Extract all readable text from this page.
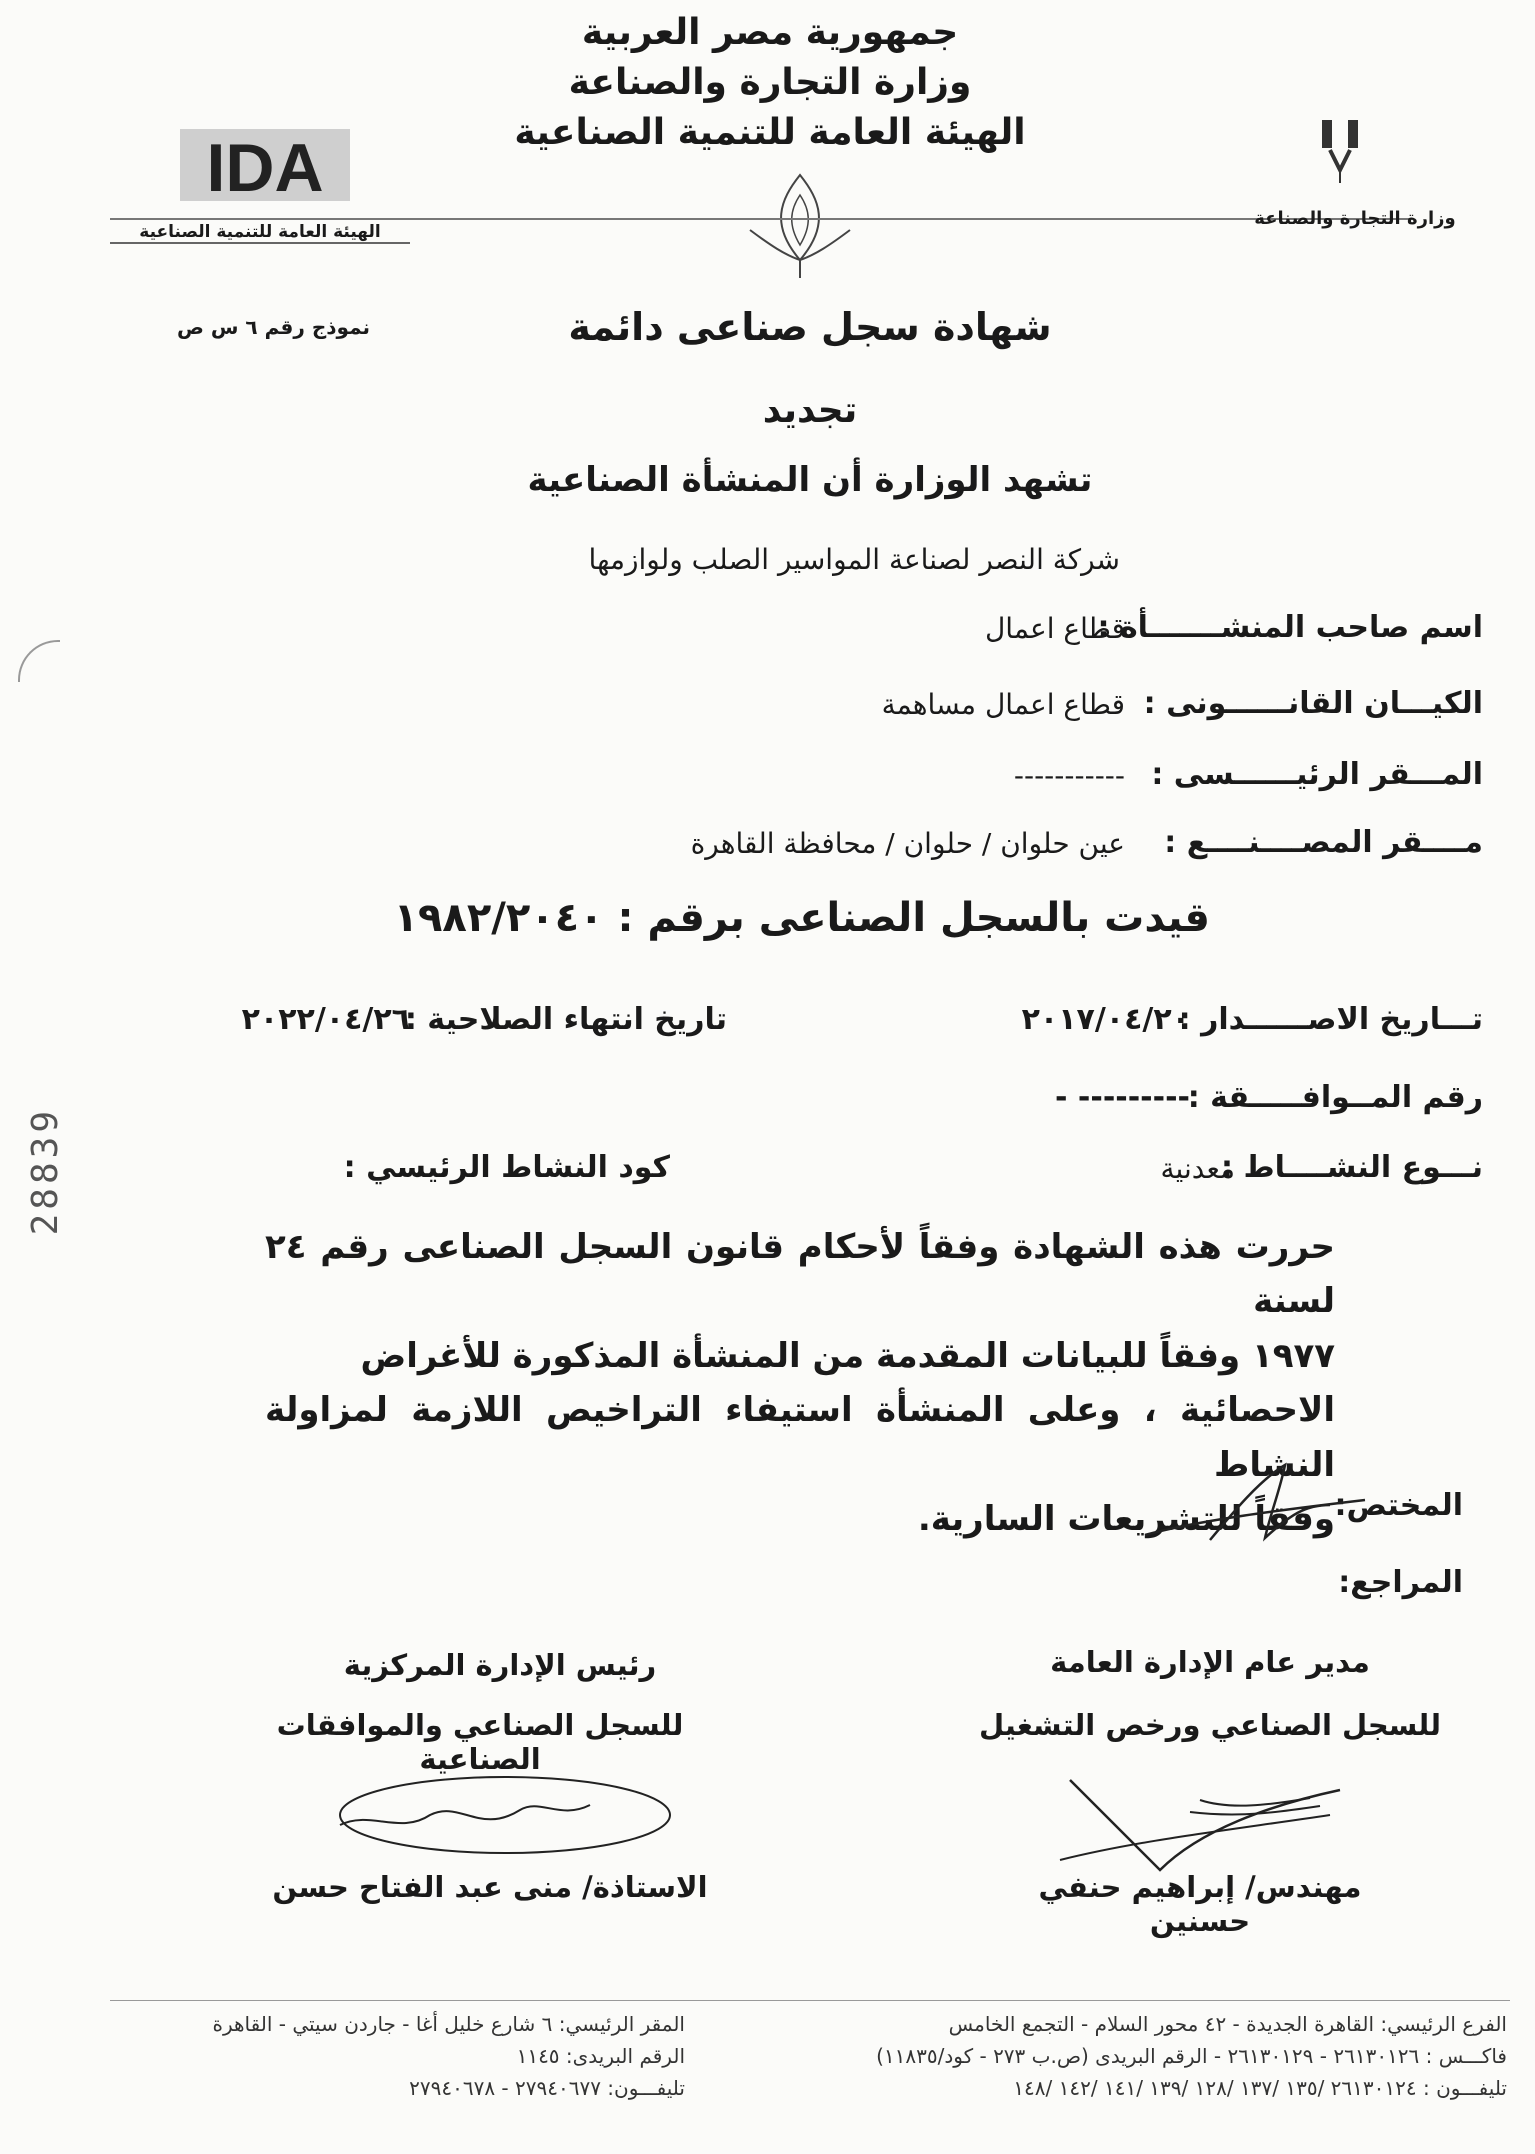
جمهورية مصر العربية
وزارة التجارة والصناعة
الهيئة العامة للتنمية الصناعية
وزارة التجارة والصناعة
IDA
الهيئة العامة للتنمية الصناعية
نموذج رقم ٦ س ص	شهادة سجل صناعى دائمة
تجديد
تشهد الوزارة أن المنشأة الصناعية
شركة النصر لصناعة المواسير الصلب ولوازمها
اسم صاحب المنشـــــــأة :
قطاع اعمال
الكيـــان القانــــــونى :
قطاع اعمال مساهمة
المـــقر الرئيــــــسى :
-----------
مــــقر المصــــنــــع :
عين حلوان / حلوان / محافظة القاهرة
قيدت بالسجل الصناعى برقم : ١٩٨٢/٢٠٤٠
تـــاريخ الاصــــــدار :
٢٠١٧/٠٤/٢٠
تاريخ انتهاء الصلاحية :
٢٠٢٢/٠٤/٢٦
رقم المــوافـــــقة :
--------- -
نـــوع النشــــاط :
معدنية
كود النشاط الرئيسي :
حررت هذه الشهادة وفقاً لأحكام قانون السجل الصناعى رقم ٢٤ لسنة
١٩٧٧ وفقاً للبيانات المقدمة من المنشأة المذكورة للأغراض
الاحصائية ، وعلى المنشأة استيفاء التراخيص اللازمة لمزاولة النشاط
وفقاً للتشريعات السارية. المختص:
المراجع:
مدير عام الإدارة العامة
للسجل الصناعي ورخص التشغيل
مهندس/ إبراهيم حنفي حسنين
رئيس الإدارة المركزية
للسجل الصناعي والموافقات الصناعية
الاستاذة/ منى عبد الفتاح حسن
28839
الفرع الرئيسي: القاهرة الجديدة - ٤٢ محور السلام - التجمع الخامس
فاكـــس : ٢٦١٣٠١٢٦ - ٢٦١٣٠١٢٩ - الرقم البريدى (ص.ب ٢٧٣ - كود/١١٨٣٥)
تليفـــون : ٢٦١٣٠١٢٤ /١٣٥ /١٣٧ /١٢٨ /١٣٩ /١٤١ /١٤٢ /١٤٨
المقر الرئيسي: ٦ شارع خليل أغا - جاردن سيتي - القاهرة
الرقم البريدى: ١١٤٥
تليفـــون: ٢٧٩٤٠٦٧٧ - ٢٧٩٤٠٦٧٨
